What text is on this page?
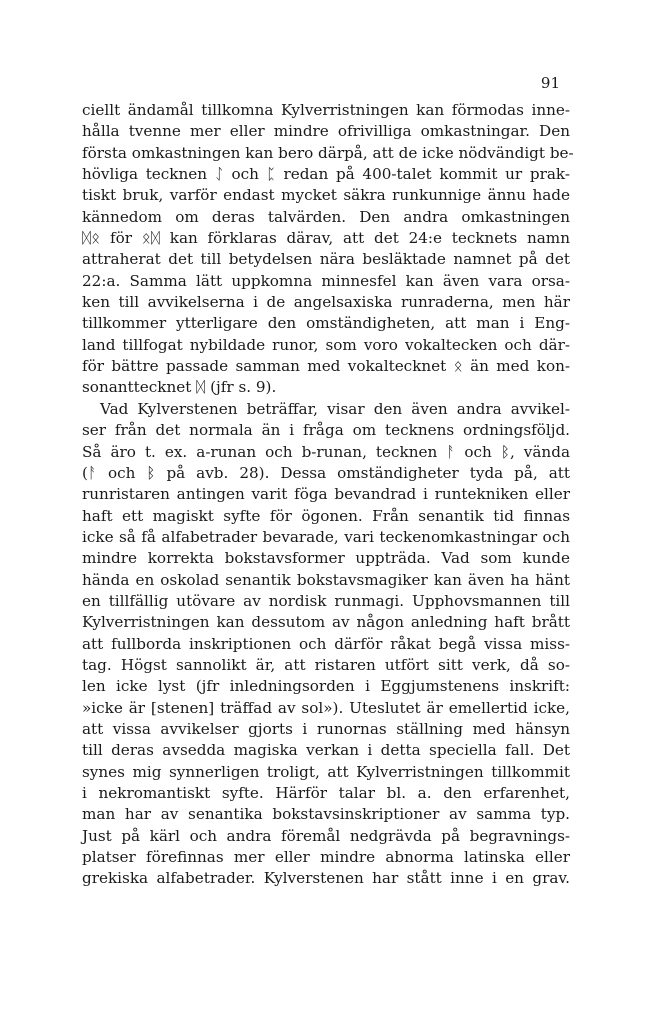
91
ciellt ändamål tillkomna Kylverristningen kan förmodas inne-
hålla tvenne mer eller mindre ofrivilliga omkastningar. Den
första omkastningen kan bero därpå, att de icke nödvändigt be-
hövliga tecknen ᛇ och ᛈ redan på 400-talet kommit ur prak-
tiskt bruk, varför endast mycket säkra runkunnige ännu hade
kännedom om deras talvärden. Den andra omkastningen
ᛞᛟ för ᛟᛞ kan förklaras därav, att det 24:e tecknets namn
attraherat det till betydelsen nära besläktade namnet på det
22:a. Samma lätt uppkomna minnesfel kan även vara orsa-
ken till avvikelserna i de angelsaxiska runraderna, men här
tillkommer ytterligare den omständigheten, att man i Eng-
land tillfogat nybildade runor, som voro vokaltecken och där-
för bättre passade samman med vokaltecknet ᛟ än med kon-
sonanttecknet ᛞ (jfr s. 9).
Vad Kylverstenen beträffar, visar den även andra avvikel-
ser från det normala än i fråga om tecknens ordningsföljd.
Så äro t. ex. a-runan och b-runan, tecknen ᚨ och ᛒ, vända
(ᚨ och ᛒ på avb. 28). Dessa omständigheter tyda på, att
runristaren antingen varit föga bevandrad i runtekniken eller
haft ett magiskt syfte för ögonen. Från senantik tid finnas
icke så få alfabetrader bevarade, vari teckenomkastningar och
mindre korrekta bokstavsformer uppträda. Vad som kunde
hända en oskolad senantik bokstavsmagiker kan även ha hänt
en tillfällig utövare av nordisk runmagi. Upphovsmannen till
Kylverristningen kan dessutom av någon anledning haft brått
att fullborda inskriptionen och därför råkat begå vissa miss-
tag. Högst sannolikt är, att ristaren utfört sitt verk, då so-
len icke lyst (jfr inledningsorden i Eggjumstenens inskrift:
»icke är [stenen] träffad av sol»). Uteslutet är emellertid icke,
att vissa avvikelser gjorts i runornas ställning med hänsyn
till deras avsedda magiska verkan i detta speciella fall. Det
synes mig synnerligen troligt, att Kylverristningen tillkommit
i nekromantiskt syfte. Härför talar bl. a. den erfarenhet,
man har av senantika bokstavsinskriptioner av samma typ.
Just på kärl och andra föremål nedgrävda på begravnings-
platser förefinnas mer eller mindre abnorma latinska eller
grekiska alfabetrader. Kylverstenen har stått inne i en grav.
